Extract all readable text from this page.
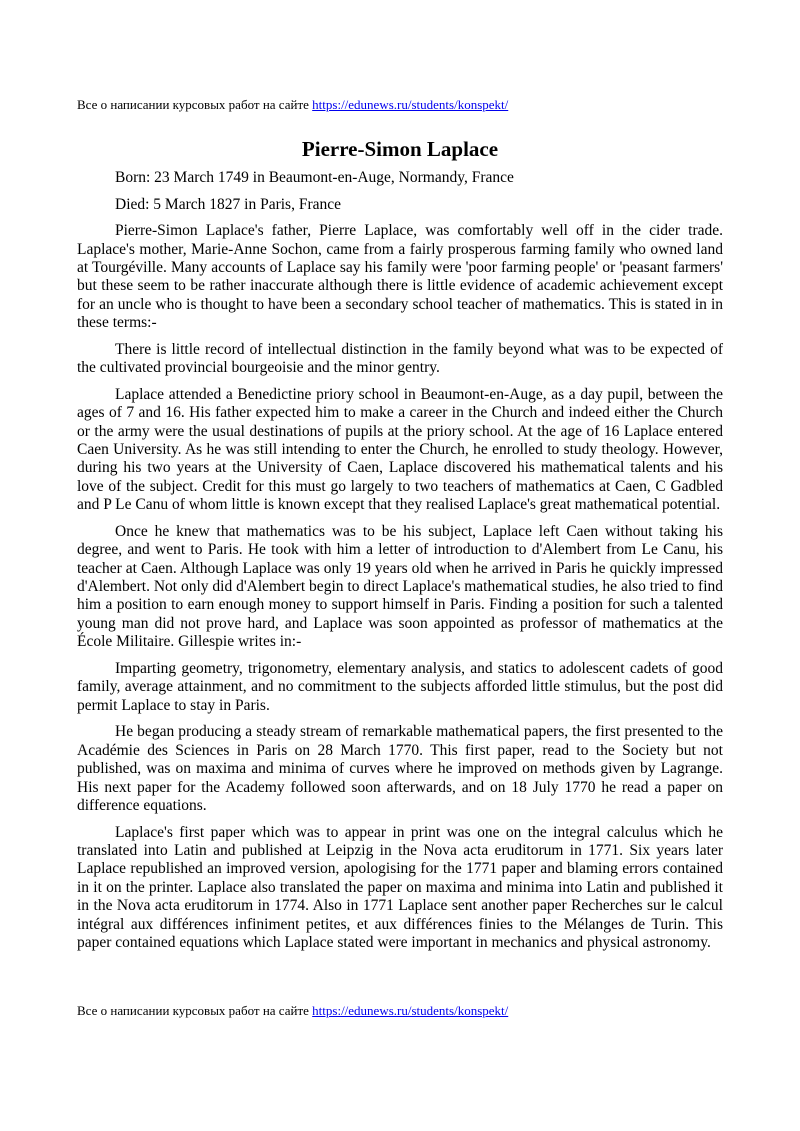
Все о написании курсовых работ на сайте https://edunews.ru/students/konspekt/
Pierre-Simon Laplace

Born: 23 March 1749 in Beaumont-en-Auge, Normandy, France

Died: 5 March 1827 in Paris, France

Pierre-Simon Laplace's father, Pierre Laplace, was comfortably well off in the cider trade. Laplace's mother, Marie-Anne Sochon, came from a fairly prosperous farming family who owned land at Tourgéville. Many accounts of Laplace say his family were 'poor farming people' or 'peasant farmers' but these seem to be rather inaccurate although there is little evidence of academic achievement except for an uncle who is thought to have been a secondary school teacher of mathematics. This is stated in in these terms:-

There is little record of intellectual distinction in the family beyond what was to be expected of the cultivated provincial bourgeoisie and the minor gentry.

Laplace attended a Benedictine priory school in Beaumont-en-Auge, as a day pupil, between the ages of 7 and 16. His father expected him to make a career in the Church and indeed either the Church or the army were the usual destinations of pupils at the priory school. At the age of 16 Laplace entered Caen University. As he was still intending to enter the Church, he enrolled to study theology. However, during his two years at the University of Caen, Laplace discovered his mathematical talents and his love of the subject. Credit for this must go largely to two teachers of mathematics at Caen, C Gadbled and P Le Canu of whom little is known except that they realised Laplace's great mathematical potential.

Once he knew that mathematics was to be his subject, Laplace left Caen without taking his degree, and went to Paris. He took with him a letter of introduction to d'Alembert from Le Canu, his teacher at Caen. Although Laplace was only 19 years old when he arrived in Paris he quickly impressed d'Alembert. Not only did d'Alembert begin to direct Laplace's mathematical studies, he also tried to find him a position to earn enough money to support himself in Paris. Finding a position for such a talented young man did not prove hard, and Laplace was soon appointed as professor of mathematics at the École Militaire. Gillespie writes in:-

Imparting geometry, trigonometry, elementary analysis, and statics to adolescent cadets of good family, average attainment, and no commitment to the subjects afforded little stimulus, but the post did permit Laplace to stay in Paris.

He began producing a steady stream of remarkable mathematical papers, the first presented to the Académie des Sciences in Paris on 28 March 1770. This first paper, read to the Society but not published, was on maxima and minima of curves where he improved on methods given by Lagrange. His next paper for the Academy followed soon afterwards, and on 18 July 1770 he read a paper on difference equations.

Laplace's first paper which was to appear in print was one on the integral calculus which he translated into Latin and published at Leipzig in the Nova acta eruditorum in 1771. Six years later Laplace republished an improved version, apologising for the 1771 paper and blaming errors contained in it on the printer. Laplace also translated the paper on maxima and minima into Latin and published it in the Nova acta eruditorum in 1774. Also in 1771 Laplace sent another paper Recherches sur le calcul intégral aux différences infiniment petites, et aux différences finies to the Mélanges de Turin. This paper contained equations which Laplace stated were important in mechanics and physical astronomy.

Все о написании курсовых работ на сайте https://edunews.ru/students/konspekt/
